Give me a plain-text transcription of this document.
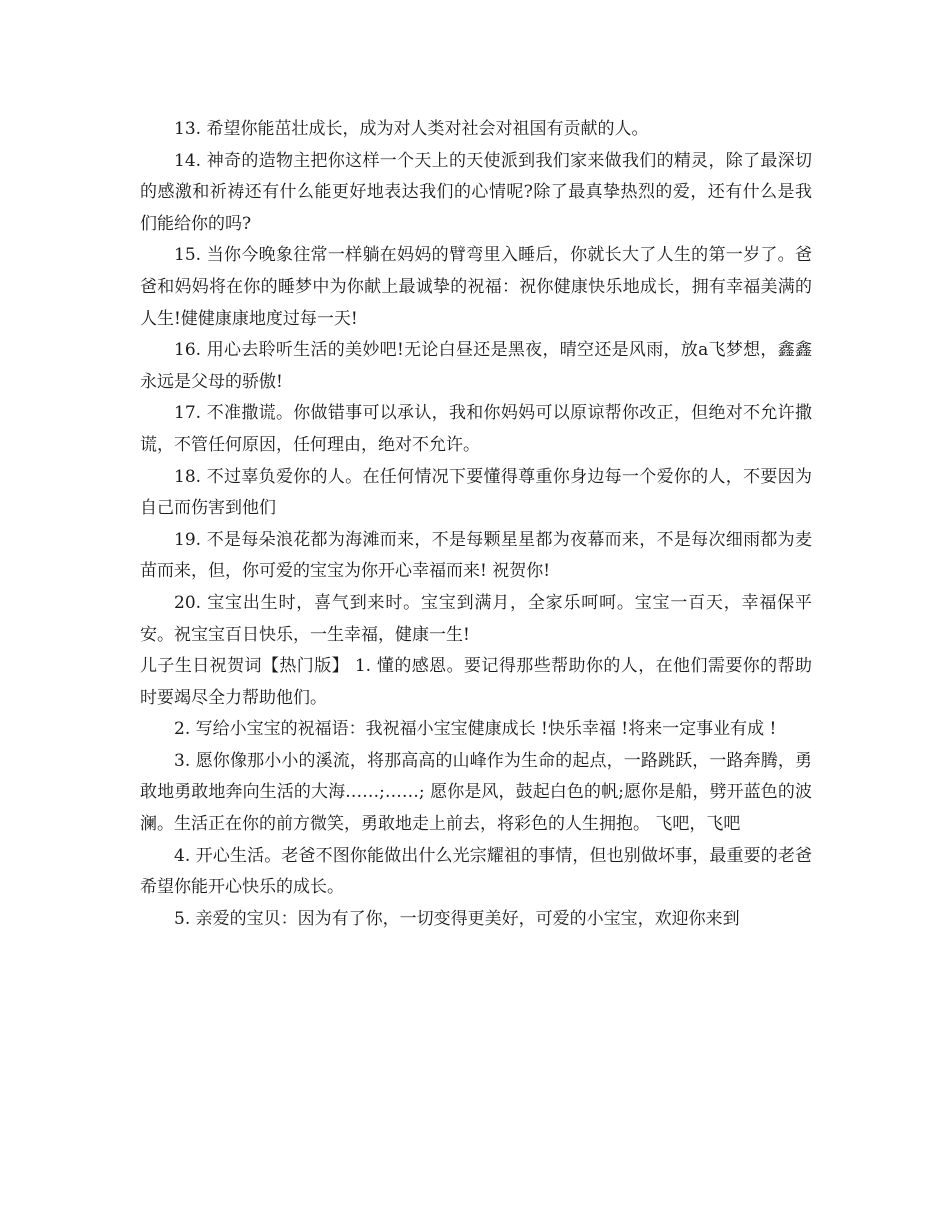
13. 希望你能茁壮成长，成为对人类对社会对祖国有贡献的人。

14. 神奇的造物主把你这样一个天上的天使派到我们家来做我们的精灵，除了最深切的感激和祈祷还有什么能更好地表达我们的心情呢?除了最真挚热烈的爱，还有什么是我们能给你的吗?

15. 当你今晚象往常一样躺在妈妈的臂弯里入睡后，你就长大了人生的第一岁了。爸爸和妈妈将在你的睡梦中为你献上最诚挚的祝福：祝你健康快乐地成长，拥有幸福美满的人生!健健康康地度过每一天!

16. 用心去聆听生活的美妙吧!无论白昼还是黑夜，晴空还是风雨，放a飞梦想，鑫鑫永远是父母的骄傲!

17. 不准撒谎。你做错事可以承认，我和你妈妈可以原谅帮你改正，但绝对不允许撒谎，不管任何原因，任何理由，绝对不允许。

18. 不过辜负爱你的人。在任何情况下要懂得尊重你身边每一个爱你的人，不要因为自己而伤害到他们

19. 不是每朵浪花都为海滩而来，不是每颗星星都为夜幕而来，不是每次细雨都为麦苗而来，但，你可爱的宝宝为你开心幸福而来! 祝贺你!

20. 宝宝出生时，喜气到来时。宝宝到满月，全家乐呵呵。宝宝一百天，幸福保平安。祝宝宝百日快乐，一生幸福，健康一生!

儿子生日祝贺词【热门版】 1. 懂的感恩。要记得那些帮助你的人，在他们需要你的帮助时要竭尽全力帮助他们。

2. 写给小宝宝的祝福语：我祝福小宝宝健康成长 !快乐幸福 !将来一定事业有成 !

3. 愿你像那小小的溪流，将那高高的山峰作为生命的起点，一路跳跃，一路奔腾，勇敢地勇敢地奔向生活的大海……;……; 愿你是风，鼓起白色的帆;愿你是船，劈开蓝色的波澜。生活正在你的前方微笑，勇敢地走上前去，将彩色的人生拥抱。 飞吧，飞吧

4. 开心生活。老爸不图你能做出什么光宗耀祖的事情，但也别做坏事，最重要的老爸希望你能开心快乐的成长。

5. 亲爱的宝贝：因为有了你，一切变得更美好，可爱的小宝宝，欢迎你来到
